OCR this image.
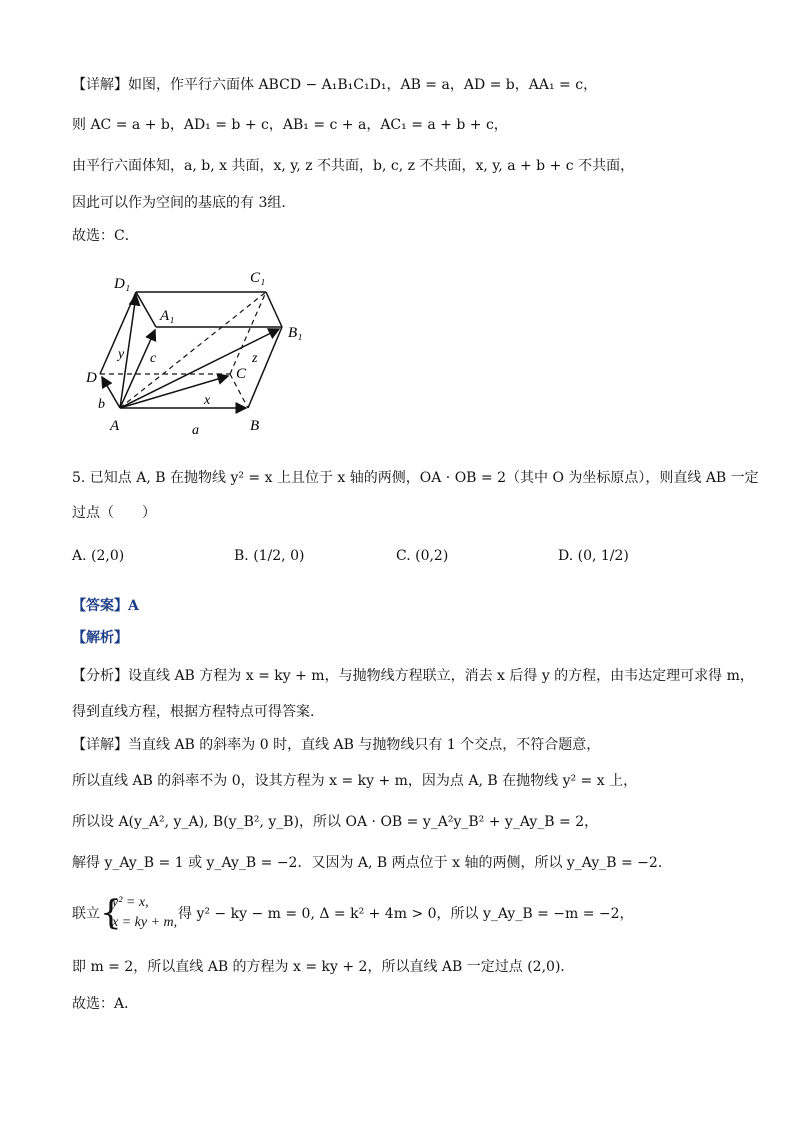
【详解】如图，作平行六面体 ABCD − A₁B₁C₁D₁，AB = a，AD = b，AA₁ = c，
则 AC = a + b，AD₁ = b + c，AB₁ = c + a，AC₁ = a + b + c，
由平行六面体知，a, b, x 共面，x, y, z 不共面，b, c, z 不共面，x, y, a + b + c 不共面，
因此可以作为空间的基底的有 3组．
故选：C．
D₁	C₁
A₁
B₁
D	C
A	B
a
b
c
x
y	z
5. 已知点 A, B 在抛物线 y² = x 上且位于 x 轴的两侧，OA · OB = 2（其中 O 为坐标原点），则直线 AB 一定
过点（　　）
A. (2,0)	B. (1/2, 0)	C. (0,2)	D. (0, 1/2)
【答案】A
【解析】
【分析】设直线 AB 方程为 x = ky + m，与抛物线方程联立，消去 x 后得 y 的方程，由韦达定理可求得 m，
得到直线方程，根据方程特点可得答案.
【详解】当直线 AB 的斜率为 0 时，直线 AB 与抛物线只有 1 个交点，不符合题意，
所以直线 AB 的斜率不为 0，设其方程为 x = ky + m，因为点 A, B 在抛物线 y² = x 上，
所以设 A(y_A², y_A), B(y_B², y_B)，所以 OA · OB = y_A²y_B² + y_Ay_B = 2，
解得 y_Ay_B = 1 或 y_Ay_B = −2．又因为 A, B 两点位于 x 轴的两侧，所以 y_Ay_B = −2．
联立 {
y² = x,
x = ky + m,
得 y² − ky − m = 0, Δ = k² + 4m > 0，所以 y_Ay_B = −m = −2，
即 m = 2，所以直线 AB 的方程为 x = ky + 2，所以直线 AB 一定过点 (2,0)．
故选：A．
